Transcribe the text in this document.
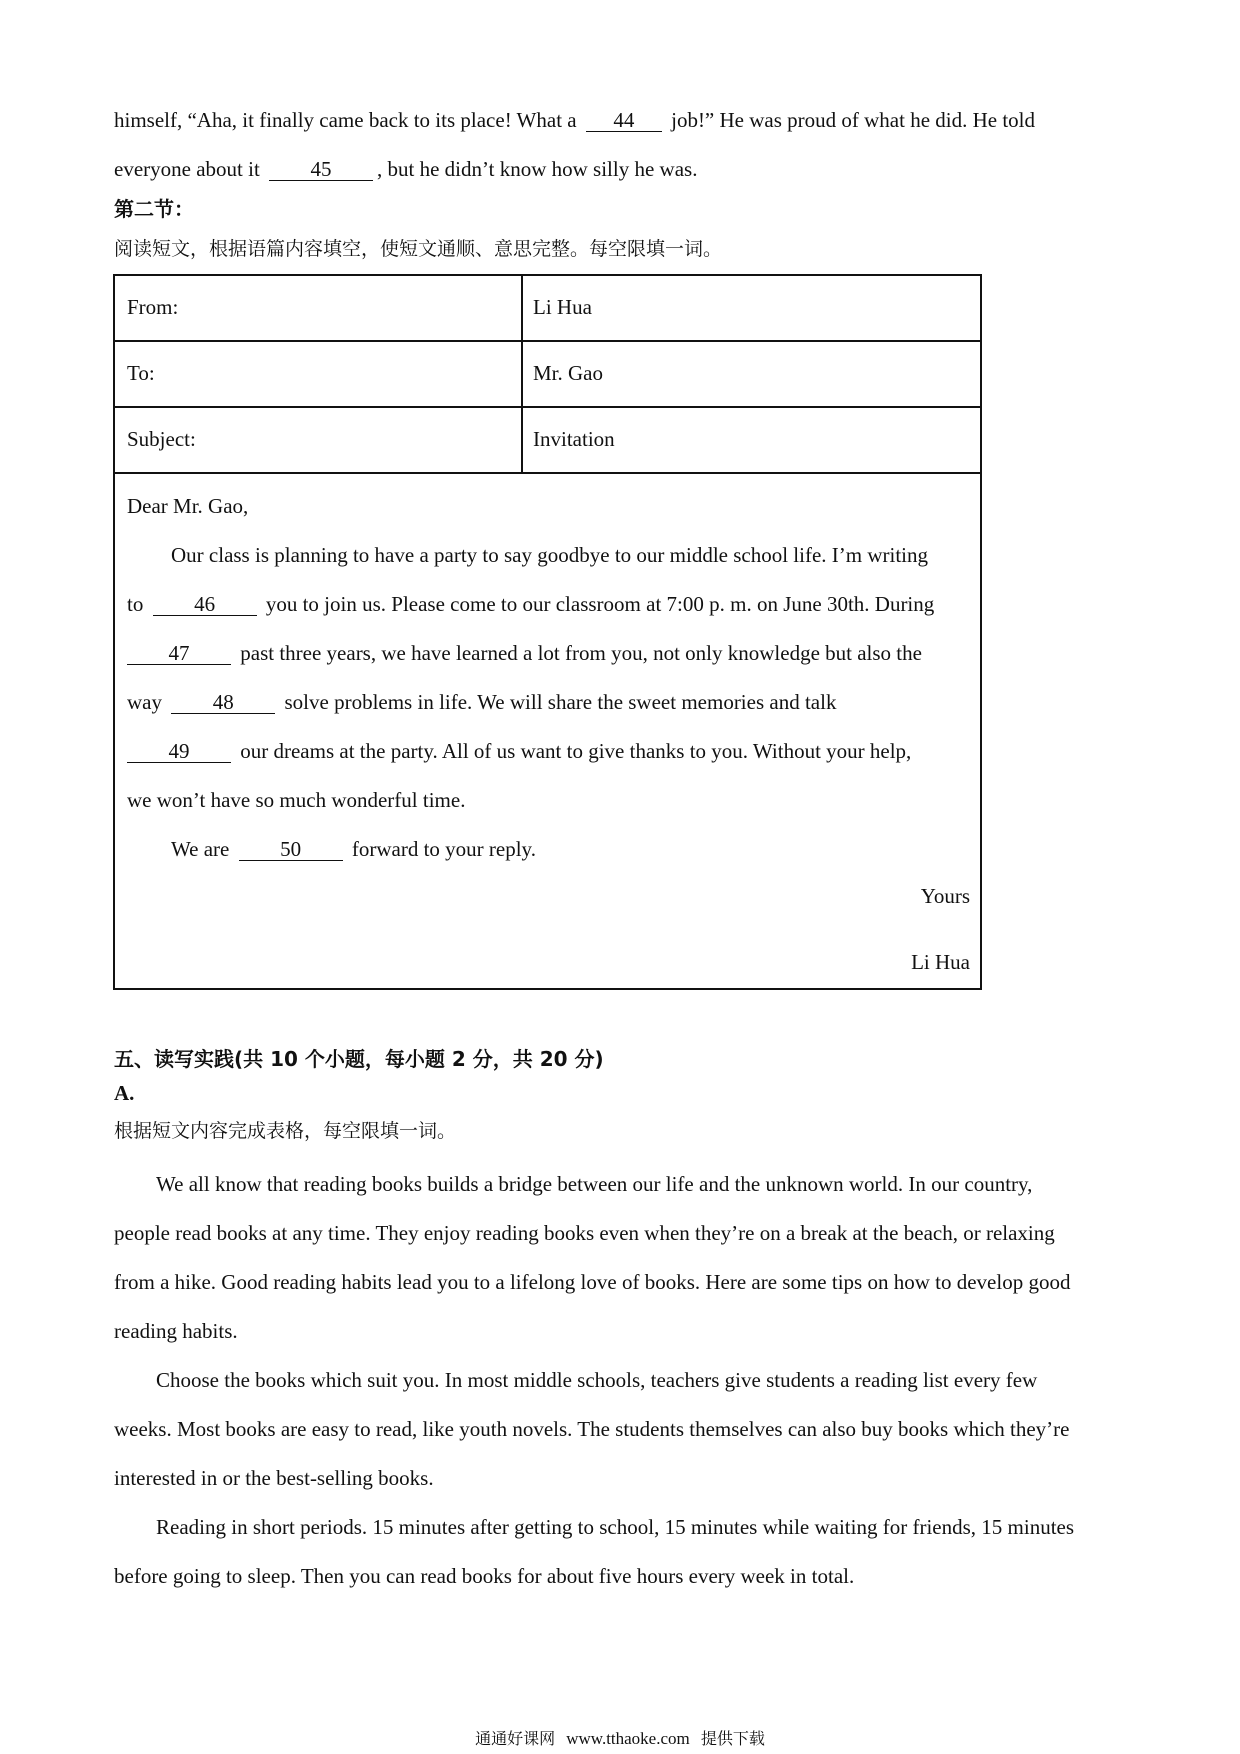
himself, “Aha, it finally came back to its place! What a 44 job!” He was proud of what he did. He told
everyone about it 45 , but he didn’t know how silly he was.
第二节：
阅读短文，根据语篇内容填空，使短文通顺、意思完整。每空限填一词。
From:	Li Hua
To:	Mr. Gao
Subject:	Invitation
Dear Mr. Gao,
Our class is planning to have a party to say goodbye to our middle school life. I’m writing
to 46 you to join us. Please come to our classroom at 7:00 p. m. on June 30th. During
47 past three years, we have learned a lot from you, not only knowledge but also the
way 48 solve problems in life. We will share the sweet memories and talk
49 our dreams at the party. All of us want to give thanks to you. Without your help,
we won’t have so much wonderful time.
We are 50 forward to your reply.
Yours
Li Hua
五、读写实践(共 10 个小题，每小题 2 分，共 20 分)
A.
根据短文内容完成表格，每空限填一词。
We all know that reading books builds a bridge between our life and the unknown world. In our country,
people read books at any time. They enjoy reading books even when they’re on a break at the beach, or relaxing
from a hike. Good reading habits lead you to a lifelong love of books. Here are some tips on how to develop good
reading habits.
Choose the books which suit you. In most middle schools, teachers give students a reading list every few
weeks. Most books are easy to read, like youth novels. The students themselves can also buy books which they’re
interested in or the best-selling books.
Reading in short periods. 15 minutes after getting to school, 15 minutes while waiting for friends, 15 minutes
before going to sleep. Then you can read books for about five hours every week in total.
通通好课网 www.tthaoke.com 提供下载
